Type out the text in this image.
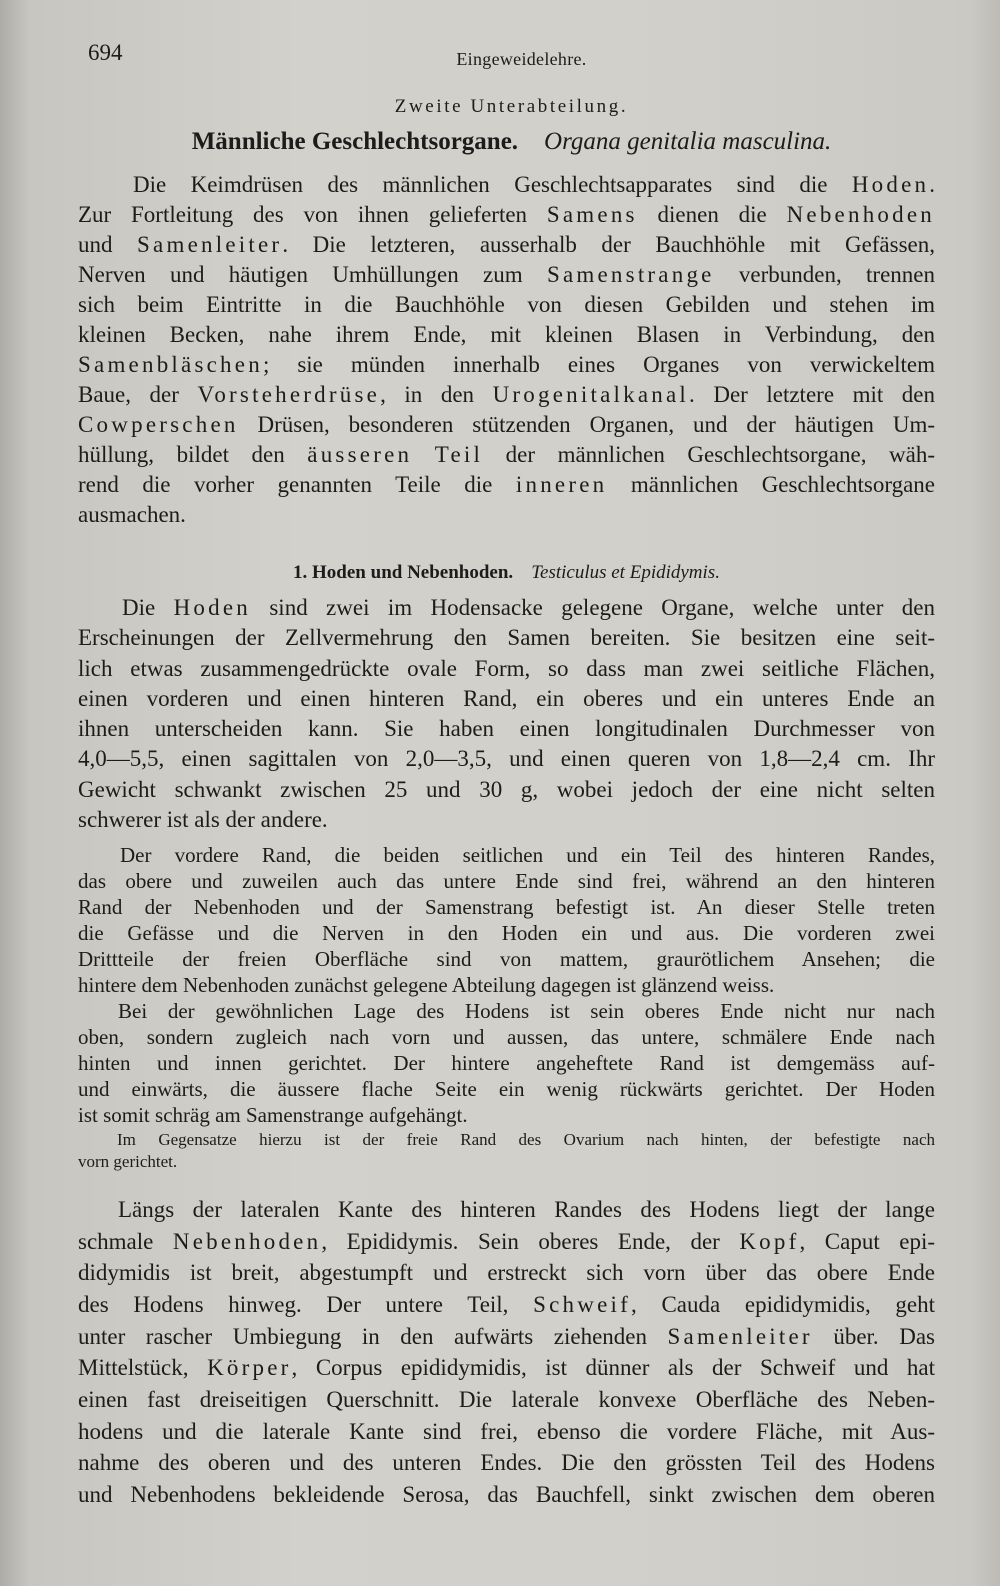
694	Eingeweidelehre.
Zweite Unterabteilung.
Männliche Geschlechtsorgane. Organa genitalia masculina.
Die Keimdrüsen des männlichen Geschlechtsapparates sind die Hoden.
Zur Fortleitung des von ihnen gelieferten Samens dienen die Nebenhoden
und Samenleiter. Die letzteren, ausserhalb der Bauchhöhle mit Gefässen,
Nerven und häutigen Umhüllungen zum Samenstrange verbunden, trennen
sich beim Eintritte in die Bauchhöhle von diesen Gebilden und stehen im
kleinen Becken, nahe ihrem Ende, mit kleinen Blasen in Verbindung, den
Samenbläschen; sie münden innerhalb eines Organes von verwickeltem
Baue, der Vorsteherdrüse, in den Urogenitalkanal. Der letztere mit den
Cowperschen Drüsen, besonderen stützenden Organen, und der häutigen Um-
hüllung, bildet den äusseren Teil der männlichen Geschlechtsorgane, wäh-
rend die vorher genannten Teile die inneren männlichen Geschlechtsorgane
ausmachen.
1. Hoden und Nebenhoden. Testiculus et Epididymis.
Die Hoden sind zwei im Hodensacke gelegene Organe, welche unter den
Erscheinungen der Zellvermehrung den Samen bereiten. Sie besitzen eine seit-
lich etwas zusammengedrückte ovale Form, so dass man zwei seitliche Flächen,
einen vorderen und einen hinteren Rand, ein oberes und ein unteres Ende an
ihnen unterscheiden kann. Sie haben einen longitudinalen Durchmesser von
4,0—5,5, einen sagittalen von 2,0—3,5, und einen queren von 1,8—2,4 cm. Ihr
Gewicht schwankt zwischen 25 und 30 g, wobei jedoch der eine nicht selten
schwerer ist als der andere.
Der vordere Rand, die beiden seitlichen und ein Teil des hinteren Randes,
das obere und zuweilen auch das untere Ende sind frei, während an den hinteren
Rand der Nebenhoden und der Samenstrang befestigt ist. An dieser Stelle treten
die Gefässe und die Nerven in den Hoden ein und aus. Die vorderen zwei
Drittteile der freien Oberfläche sind von mattem, graurötlichem Ansehen; die
hintere dem Nebenhoden zunächst gelegene Abteilung dagegen ist glänzend weiss.
Bei der gewöhnlichen Lage des Hodens ist sein oberes Ende nicht nur nach
oben, sondern zugleich nach vorn und aussen, das untere, schmälere Ende nach
hinten und innen gerichtet. Der hintere angeheftete Rand ist demgemäss auf-
und einwärts, die äussere flache Seite ein wenig rückwärts gerichtet. Der Hoden
ist somit schräg am Samenstrange aufgehängt.
Im Gegensatze hierzu ist der freie Rand des Ovarium nach hinten, der befestigte nach
vorn gerichtet.
Längs der lateralen Kante des hinteren Randes des Hodens liegt der lange
schmale Nebenhoden, Epididymis. Sein oberes Ende, der Kopf, Caput epi-
didymidis ist breit, abgestumpft und erstreckt sich vorn über das obere Ende
des Hodens hinweg. Der untere Teil, Schweif, Cauda epididymidis, geht
unter rascher Umbiegung in den aufwärts ziehenden Samenleiter über. Das
Mittelstück, Körper, Corpus epididymidis, ist dünner als der Schweif und hat
einen fast dreiseitigen Querschnitt. Die laterale konvexe Oberfläche des Neben-
hodens und die laterale Kante sind frei, ebenso die vordere Fläche, mit Aus-
nahme des oberen und des unteren Endes. Die den grössten Teil des Hodens
und Nebenhodens bekleidende Serosa, das Bauchfell, sinkt zwischen dem oberen
